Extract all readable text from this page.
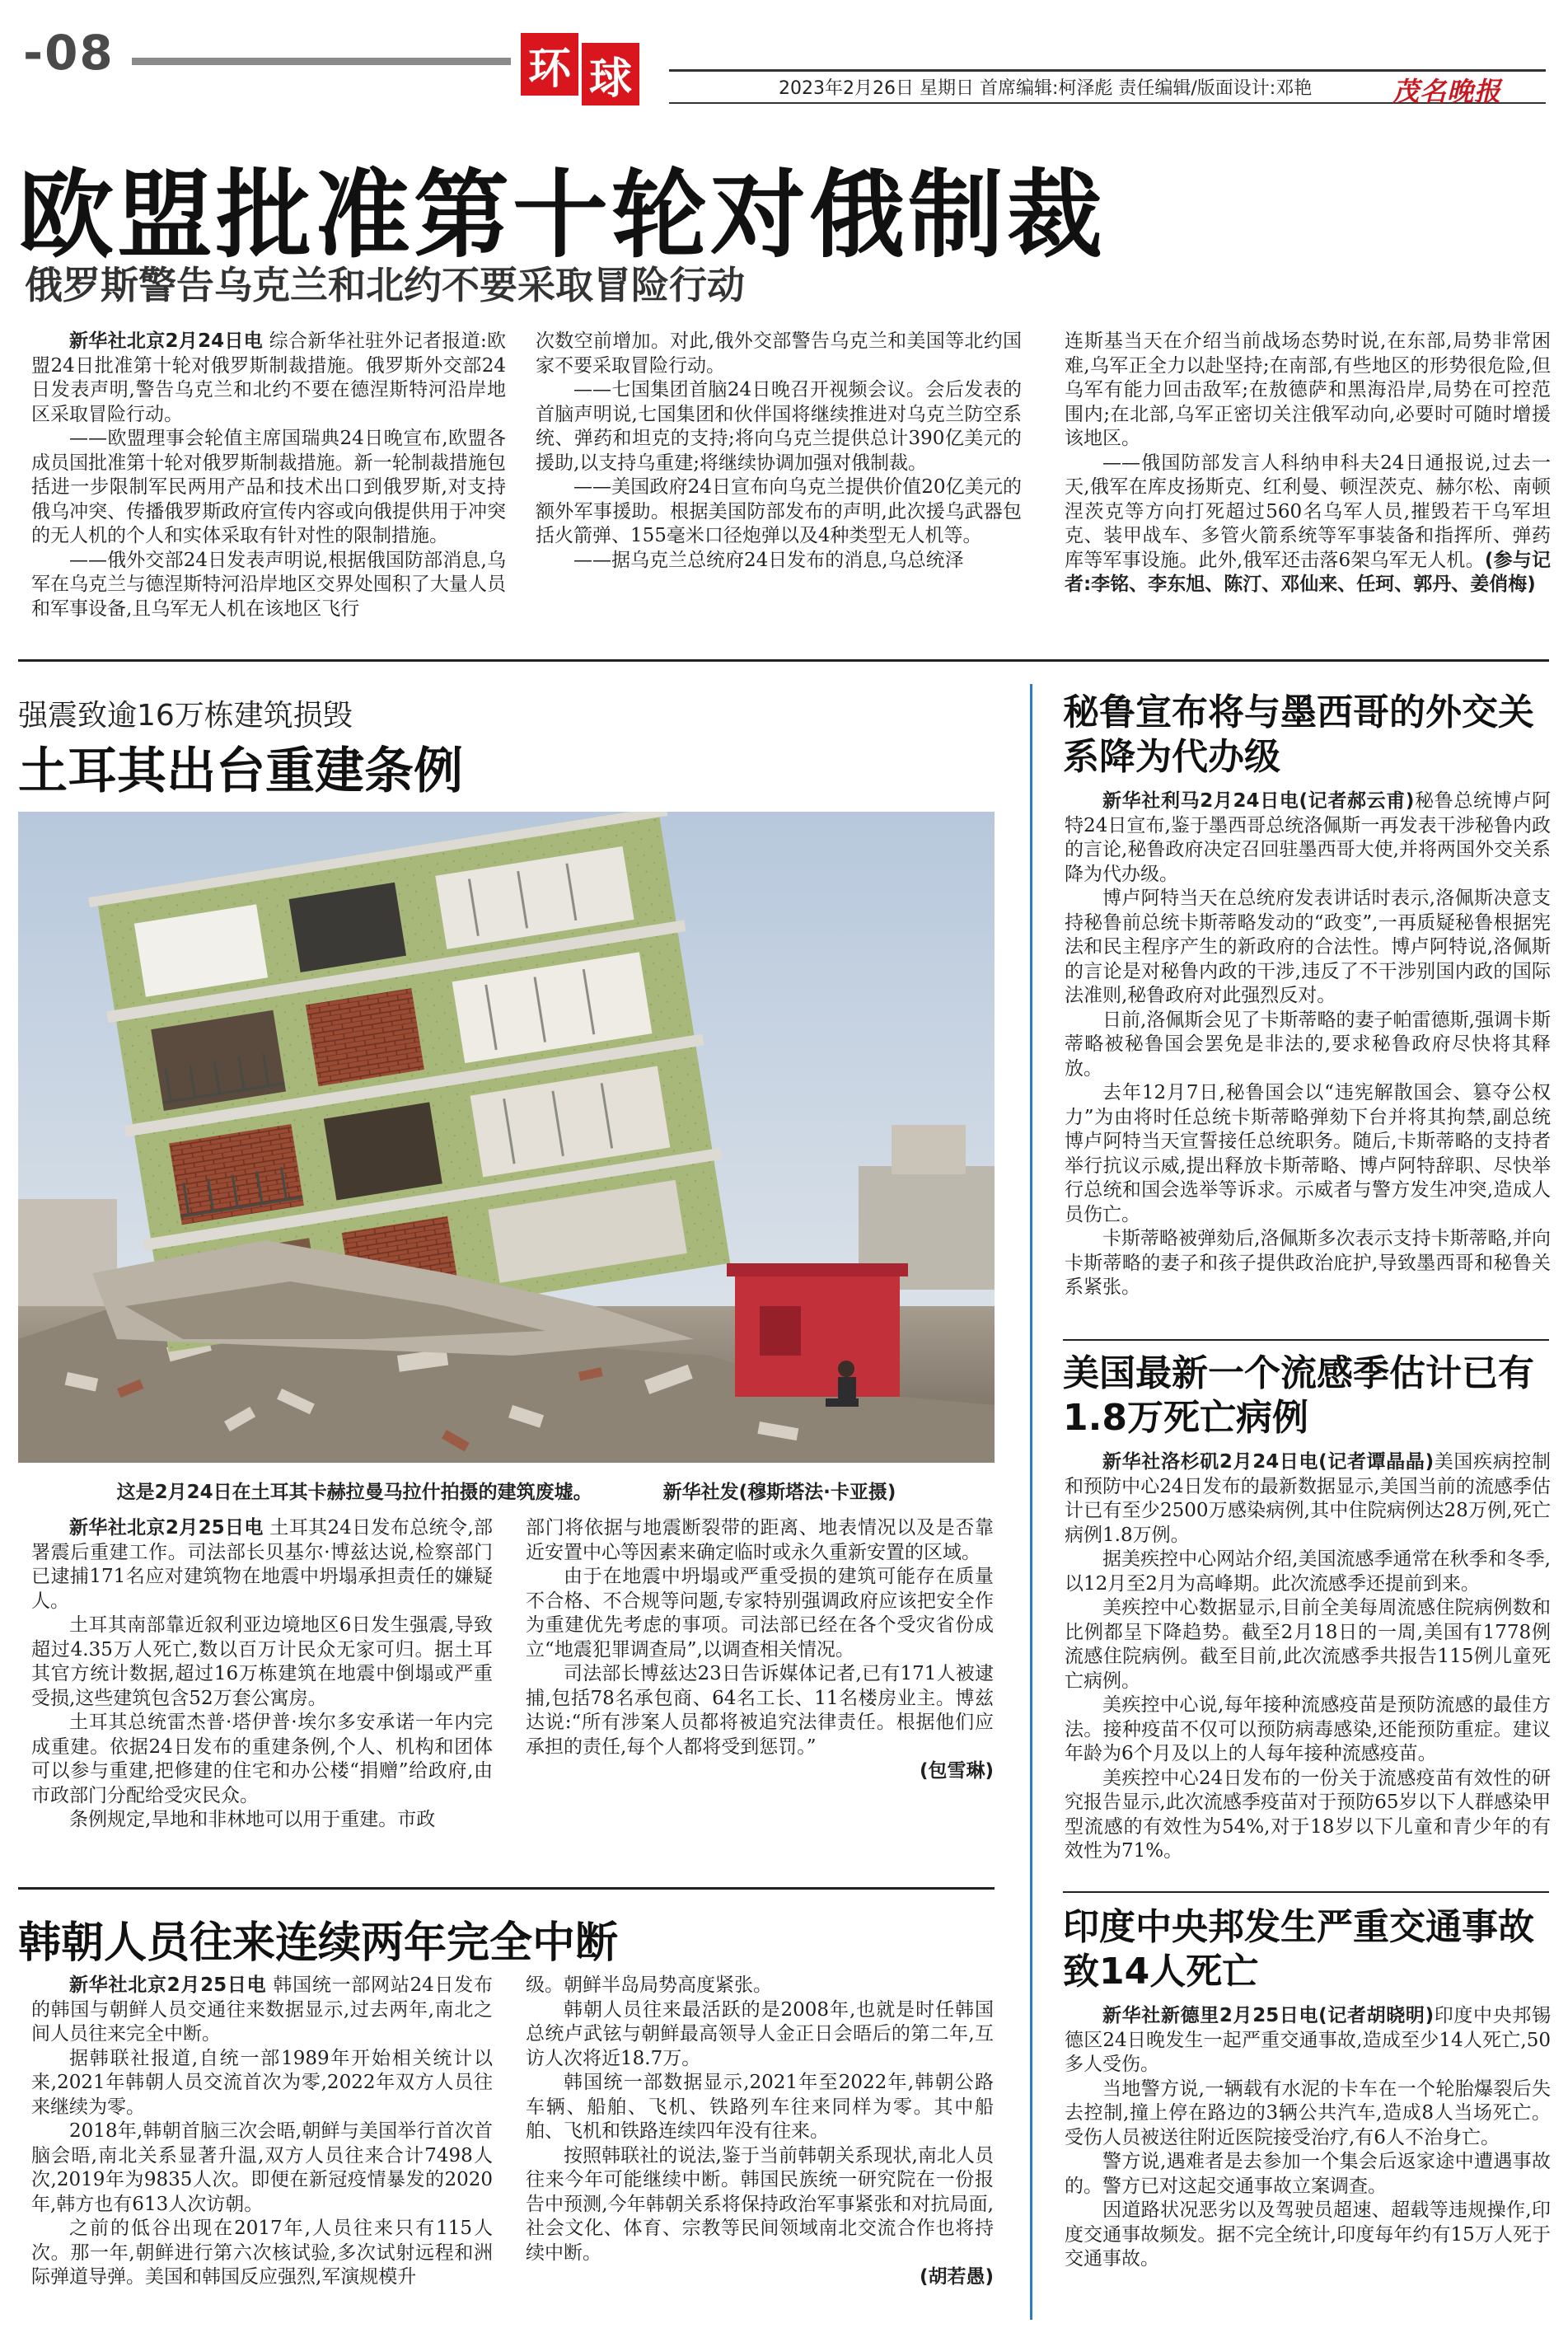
-08	环 球	2023年2月26日 星期日 首席编辑:柯泽彪 责任编辑/版面设计:邓艳	茂名晚报
欧盟批准第十轮对俄制裁
俄罗斯警告乌克兰和北约不要采取冒险行动

新华社北京2月24日电 综合新华社驻外记者报道:欧盟24日批准第十轮对俄罗斯制裁措施。俄罗斯外交部24日发表声明,警告乌克兰和北约不要在德涅斯特河沿岸地区采取冒险行动。

——欧盟理事会轮值主席国瑞典24日晚宣布,欧盟各成员国批准第十轮对俄罗斯制裁措施。新一轮制裁措施包括进一步限制军民两用产品和技术出口到俄罗斯,对支持俄乌冲突、传播俄罗斯政府宣传内容或向俄提供用于冲突的无人机的个人和实体采取有针对性的限制措施。

——俄外交部24日发表声明说,根据俄国防部消息,乌军在乌克兰与德涅斯特河沿岸地区交界处囤积了大量人员和军事设备,且乌军无人机在该地区飞行

次数空前增加。对此,俄外交部警告乌克兰和美国等北约国家不要采取冒险行动。

——七国集团首脑24日晚召开视频会议。会后发表的首脑声明说,七国集团和伙伴国将继续推进对乌克兰防空系统、弹药和坦克的支持;将向乌克兰提供总计390亿美元的援助,以支持乌重建;将继续协调加强对俄制裁。

——美国政府24日宣布向乌克兰提供价值20亿美元的额外军事援助。根据美国防部发布的声明,此次援乌武器包括火箭弹、155毫米口径炮弹以及4种类型无人机等。

——据乌克兰总统府24日发布的消息,乌总统泽

连斯基当天在介绍当前战场态势时说,在东部,局势非常困难,乌军正全力以赴坚持;在南部,有些地区的形势很危险,但乌军有能力回击敌军;在敖德萨和黑海沿岸,局势在可控范围内;在北部,乌军正密切关注俄军动向,必要时可随时增援该地区。

——俄国防部发言人科纳申科夫24日通报说,过去一天,俄军在库皮扬斯克、红利曼、顿涅茨克、赫尔松、南顿涅茨克等方向打死超过560名乌军人员,摧毁若干乌军坦克、装甲战车、多管火箭系统等军事装备和指挥所、弹药库等军事设施。此外,俄军还击落6架乌军无人机。(参与记者:李铭、李东旭、陈汀、邓仙来、任珂、郭丹、姜俏梅)

强震致逾16万栋建筑损毁
土耳其出台重建条例
这是2月24日在土耳其卡赫拉曼马拉什拍摄的建筑废墟。	新华社发(穆斯塔法·卡亚摄)

新华社北京2月25日电 土耳其24日发布总统令,部署震后重建工作。司法部长贝基尔·博兹达说,检察部门已逮捕171名应对建筑物在地震中坍塌承担责任的嫌疑人。

土耳其南部靠近叙利亚边境地区6日发生强震,导致超过4.35万人死亡,数以百万计民众无家可归。据土耳其官方统计数据,超过16万栋建筑在地震中倒塌或严重受损,这些建筑包含52万套公寓房。

土耳其总统雷杰普·塔伊普·埃尔多安承诺一年内完成重建。依据24日发布的重建条例,个人、机构和团体可以参与重建,把修建的住宅和办公楼“捐赠”给政府,由市政部门分配给受灾民众。

条例规定,旱地和非林地可以用于重建。市政

部门将依据与地震断裂带的距离、地表情况以及是否靠近安置中心等因素来确定临时或永久重新安置的区域。

由于在地震中坍塌或严重受损的建筑可能存在质量不合格、不合规等问题,专家特别强调政府应该把安全作为重建优先考虑的事项。司法部已经在各个受灾省份成立“地震犯罪调查局”,以调查相关情况。

司法部长博兹达23日告诉媒体记者,已有171人被逮捕,包括78名承包商、64名工长、11名楼房业主。博兹达说:“所有涉案人员都将被追究法律责任。根据他们应承担的责任,每个人都将受到惩罚。”

(包雪琳)

韩朝人员往来连续两年完全中断

新华社北京2月25日电 韩国统一部网站24日发布的韩国与朝鲜人员交通往来数据显示,过去两年,南北之间人员往来完全中断。

据韩联社报道,自统一部1989年开始相关统计以来,2021年韩朝人员交流首次为零,2022年双方人员往来继续为零。

2018年,韩朝首脑三次会晤,朝鲜与美国举行首次首脑会晤,南北关系显著升温,双方人员往来合计7498人次,2019年为9835人次。即便在新冠疫情暴发的2020年,韩方也有613人次访朝。

之前的低谷出现在2017年,人员往来只有115人次。那一年,朝鲜进行第六次核试验,多次试射远程和洲际弹道导弹。美国和韩国反应强烈,军演规模升

级。朝鲜半岛局势高度紧张。

韩朝人员往来最活跃的是2008年,也就是时任韩国总统卢武铉与朝鲜最高领导人金正日会晤后的第二年,互访人次将近18.7万。

韩国统一部数据显示,2021年至2022年,韩朝公路车辆、船舶、飞机、铁路列车往来同样为零。其中船舶、飞机和铁路连续四年没有往来。

按照韩联社的说法,鉴于当前韩朝关系现状,南北人员往来今年可能继续中断。韩国民族统一研究院在一份报告中预测,今年韩朝关系将保持政治军事紧张和对抗局面,社会文化、体育、宗教等民间领域南北交流合作也将持续中断。

(胡若愚)

秘鲁宣布将与墨西哥的外交关系降为代办级

新华社利马2月24日电(记者郝云甫)秘鲁总统博卢阿特24日宣布,鉴于墨西哥总统洛佩斯一再发表干涉秘鲁内政的言论,秘鲁政府决定召回驻墨西哥大使,并将两国外交关系降为代办级。

博卢阿特当天在总统府发表讲话时表示,洛佩斯决意支持秘鲁前总统卡斯蒂略发动的“政变”,一再质疑秘鲁根据宪法和民主程序产生的新政府的合法性。博卢阿特说,洛佩斯的言论是对秘鲁内政的干涉,违反了不干涉别国内政的国际法准则,秘鲁政府对此强烈反对。

日前,洛佩斯会见了卡斯蒂略的妻子帕雷德斯,强调卡斯蒂略被秘鲁国会罢免是非法的,要求秘鲁政府尽快将其释放。

去年12月7日,秘鲁国会以“违宪解散国会、篡夺公权力”为由将时任总统卡斯蒂略弹劾下台并将其拘禁,副总统博卢阿特当天宣誓接任总统职务。随后,卡斯蒂略的支持者举行抗议示威,提出释放卡斯蒂略、博卢阿特辞职、尽快举行总统和国会选举等诉求。示威者与警方发生冲突,造成人员伤亡。

卡斯蒂略被弹劾后,洛佩斯多次表示支持卡斯蒂略,并向卡斯蒂略的妻子和孩子提供政治庇护,导致墨西哥和秘鲁关系紧张。

美国最新一个流感季估计已有1.8万死亡病例

新华社洛杉矶2月24日电(记者谭晶晶)美国疾病控制和预防中心24日发布的最新数据显示,美国当前的流感季估计已有至少2500万感染病例,其中住院病例达28万例,死亡病例1.8万例。

据美疾控中心网站介绍,美国流感季通常在秋季和冬季,以12月至2月为高峰期。此次流感季还提前到来。

美疾控中心数据显示,目前全美每周流感住院病例数和比例都呈下降趋势。截至2月18日的一周,美国有1778例流感住院病例。截至目前,此次流感季共报告115例儿童死亡病例。

美疾控中心说,每年接种流感疫苗是预防流感的最佳方法。接种疫苗不仅可以预防病毒感染,还能预防重症。建议年龄为6个月及以上的人每年接种流感疫苗。

美疾控中心24日发布的一份关于流感疫苗有效性的研究报告显示,此次流感季疫苗对于预防65岁以下人群感染甲型流感的有效性为54%,对于18岁以下儿童和青少年的有效性为71%。

印度中央邦发生严重交通事故致14人死亡

新华社新德里2月25日电(记者胡晓明)印度中央邦锡德区24日晚发生一起严重交通事故,造成至少14人死亡,50多人受伤。

当地警方说,一辆载有水泥的卡车在一个轮胎爆裂后失去控制,撞上停在路边的3辆公共汽车,造成8人当场死亡。受伤人员被送往附近医院接受治疗,有6人不治身亡。

警方说,遇难者是去参加一个集会后返家途中遭遇事故的。警方已对这起交通事故立案调查。

因道路状况恶劣以及驾驶员超速、超载等违规操作,印度交通事故频发。据不完全统计,印度每年约有15万人死于交通事故。
